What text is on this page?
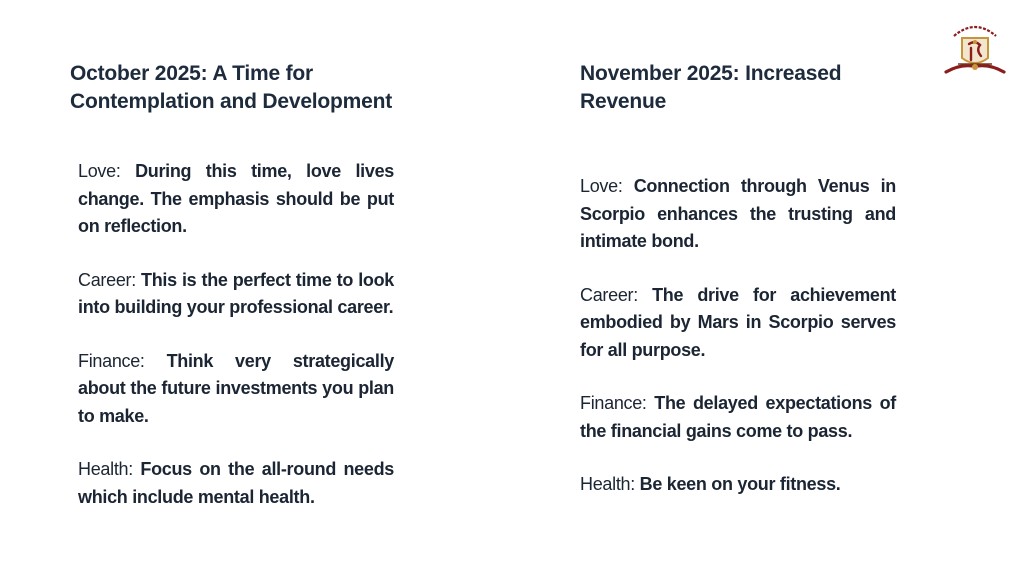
October 2025: A Time for Contemplation and Development

Love: During this time, love lives change. The emphasis should be put on reflection.

Career: This is the perfect time to look into building your professional career.

Finance: Think very strategically about the future investments you plan to make.

Health: Focus on the all-round needs which include mental health.

November 2025: Increased Revenue

Love: Connection through Venus in Scorpio enhances the trusting and intimate bond.

Career: The drive for achievement embodied by Mars in Scorpio serves for all purpose.

Finance: The delayed expectations of the financial gains come to pass.

Health: Be keen on your fitness.
